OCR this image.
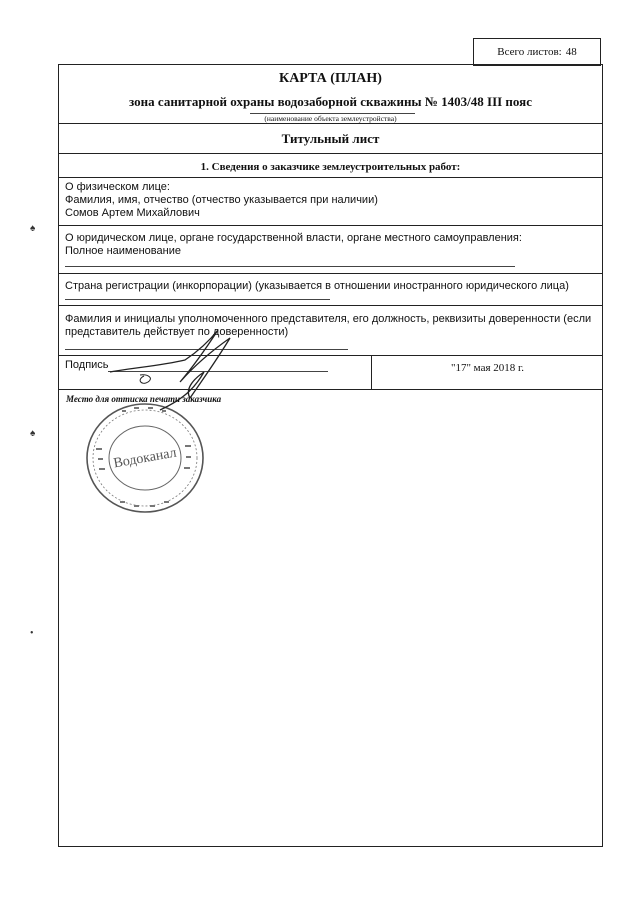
Всего листов: 48
КАРТА (ПЛАН)
зона санитарной охраны водозаборной скважины № 1403/48 III пояс
(наименование объекта землеустройства)
Титульный лист
1. Сведения о заказчике землеустроительных работ:
О физическом лице:
Фамилия, имя, отчество (отчество указывается при наличии)
Сомов Артем Михайлович
О юридическом лице, органе государственной власти, органе местного самоуправления:
Полное наименование
Страна регистрации (инкорпорации) (указывается в отношении иностранного юридического лица)
Фамилия и инициалы уполномоченного представителя, его должность, реквизиты доверенности (если
представитель действует по доверенности)
Подпись	"17" мая 2018 г.
Место для оттиска печати заказчика
Водоканал
♠
♠
•
